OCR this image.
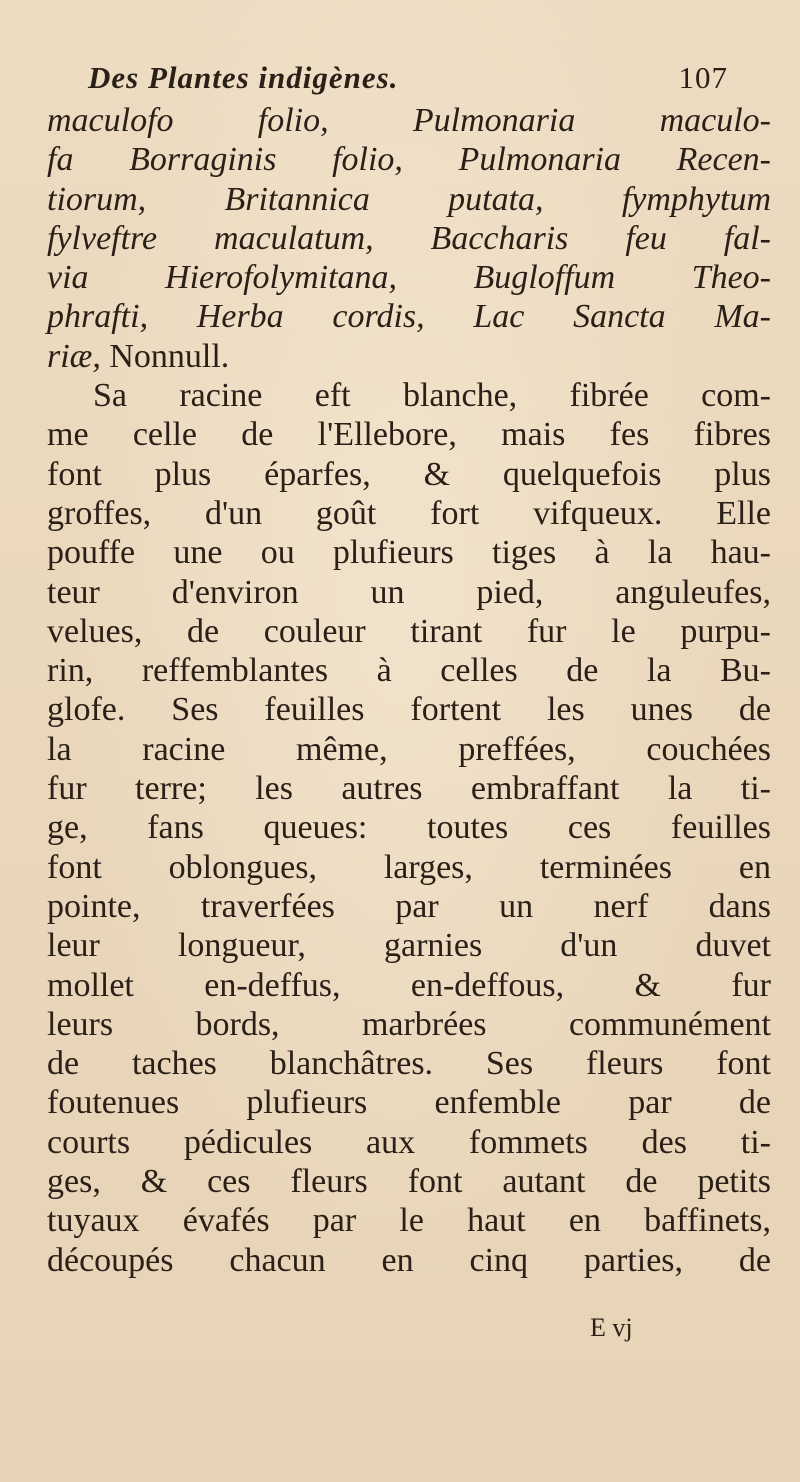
Des Plantes indigènes.	107
maculofo folio, Pulmonaria maculo-
fa Borraginis folio, Pulmonaria Recen-
tiorum, Britannica putata, fymphytum
fylveftre maculatum, Baccharis feu fal-
via Hierofolymitana, Bugloffum Theo-
phrafti, Herba cordis, Lac Sancta Ma-
riæ, Nonnull.
Sa racine eft blanche, fibrée com-
me celle de l'Ellebore, mais fes fibres
font plus éparfes, & quelquefois plus
groffes, d'un goût fort vifqueux. Elle
pouffe une ou plufieurs tiges à la hau-
teur d'environ un pied, anguleufes,
velues, de couleur tirant fur le purpu-
rin, reffemblantes à celles de la Bu-
glofe. Ses feuilles fortent les unes de
la racine même, preffées, couchées
fur terre; les autres embraffant la ti-
ge, fans queues: toutes ces feuilles
font oblongues, larges, terminées en
pointe, traverfées par un nerf dans
leur longueur, garnies d'un duvet
mollet en-deffus, en-deffous, & fur
leurs bords, marbrées communément
de taches blanchâtres. Ses fleurs font
foutenues plufieurs enfemble par de
courts pédicules aux fommets des ti-
ges, & ces fleurs font autant de petits
tuyaux évafés par le haut en baffinets,
découpés chacun en cinq parties, de
E vj
